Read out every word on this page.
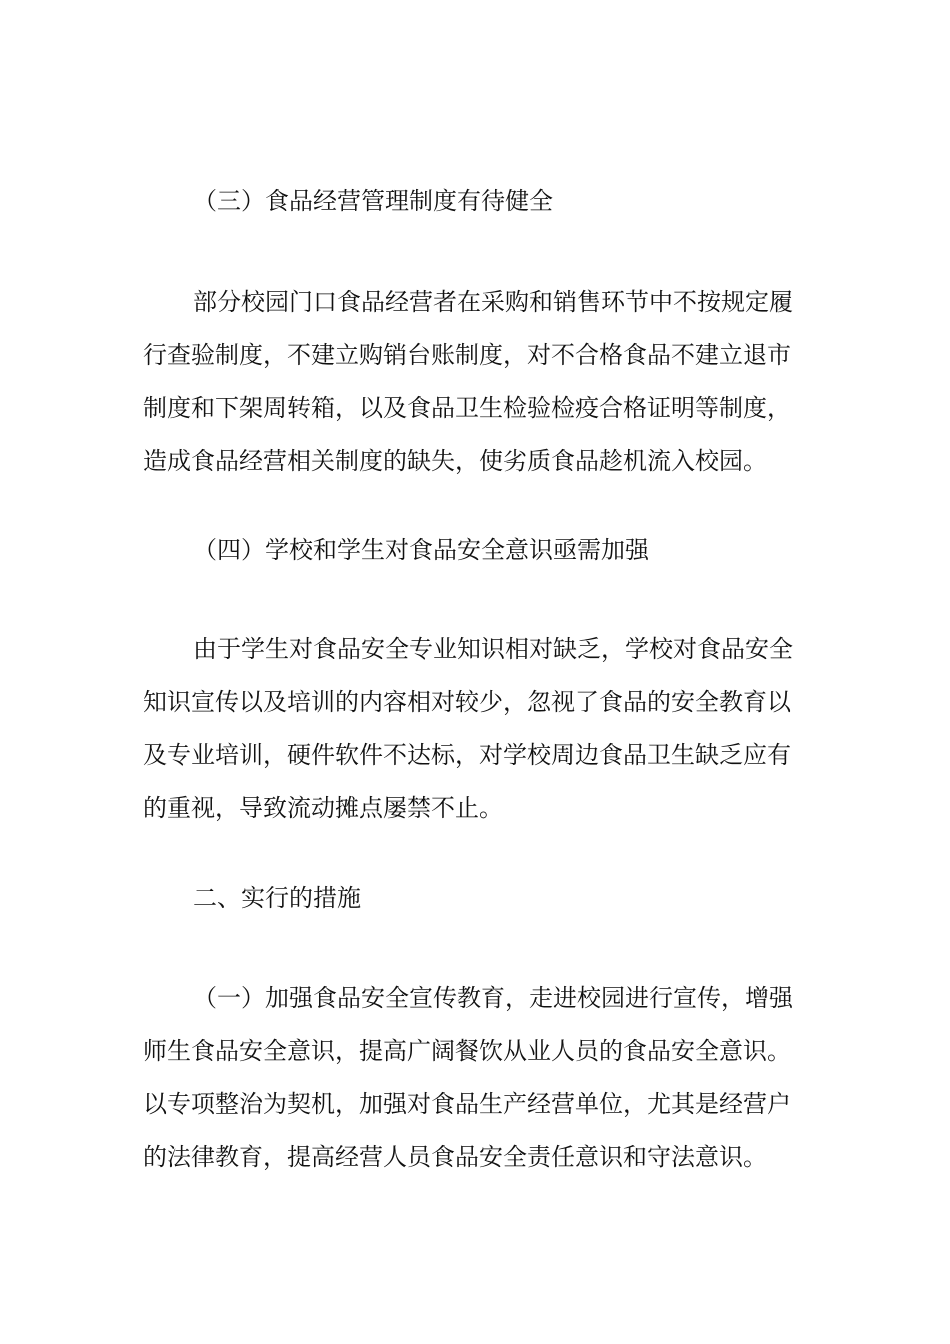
（三）食品经营管理制度有待健全
部分校园门口食品经营者在采购和销售环节中不按规定履
行查验制度，不建立购销台账制度，对不合格食品不建立退市
制度和下架周转箱，以及食品卫生检验检疫合格证明等制度，
造成食品经营相关制度的缺失，使劣质食品趁机流入校园。
（四）学校和学生对食品安全意识亟需加强
由于学生对食品安全专业知识相对缺乏，学校对食品安全
知识宣传以及培训的内容相对较少，忽视了食品的安全教育以
及专业培训，硬件软件不达标，对学校周边食品卫生缺乏应有
的重视，导致流动摊点屡禁不止。
二、实行的措施
（一）加强食品安全宣传教育，走进校园进行宣传，增强
师生食品安全意识，提高广阔餐饮从业人员的食品安全意识。
以专项整治为契机，加强对食品生产经营单位，尤其是经营户
的法律教育，提高经营人员食品安全责任意识和守法意识。
